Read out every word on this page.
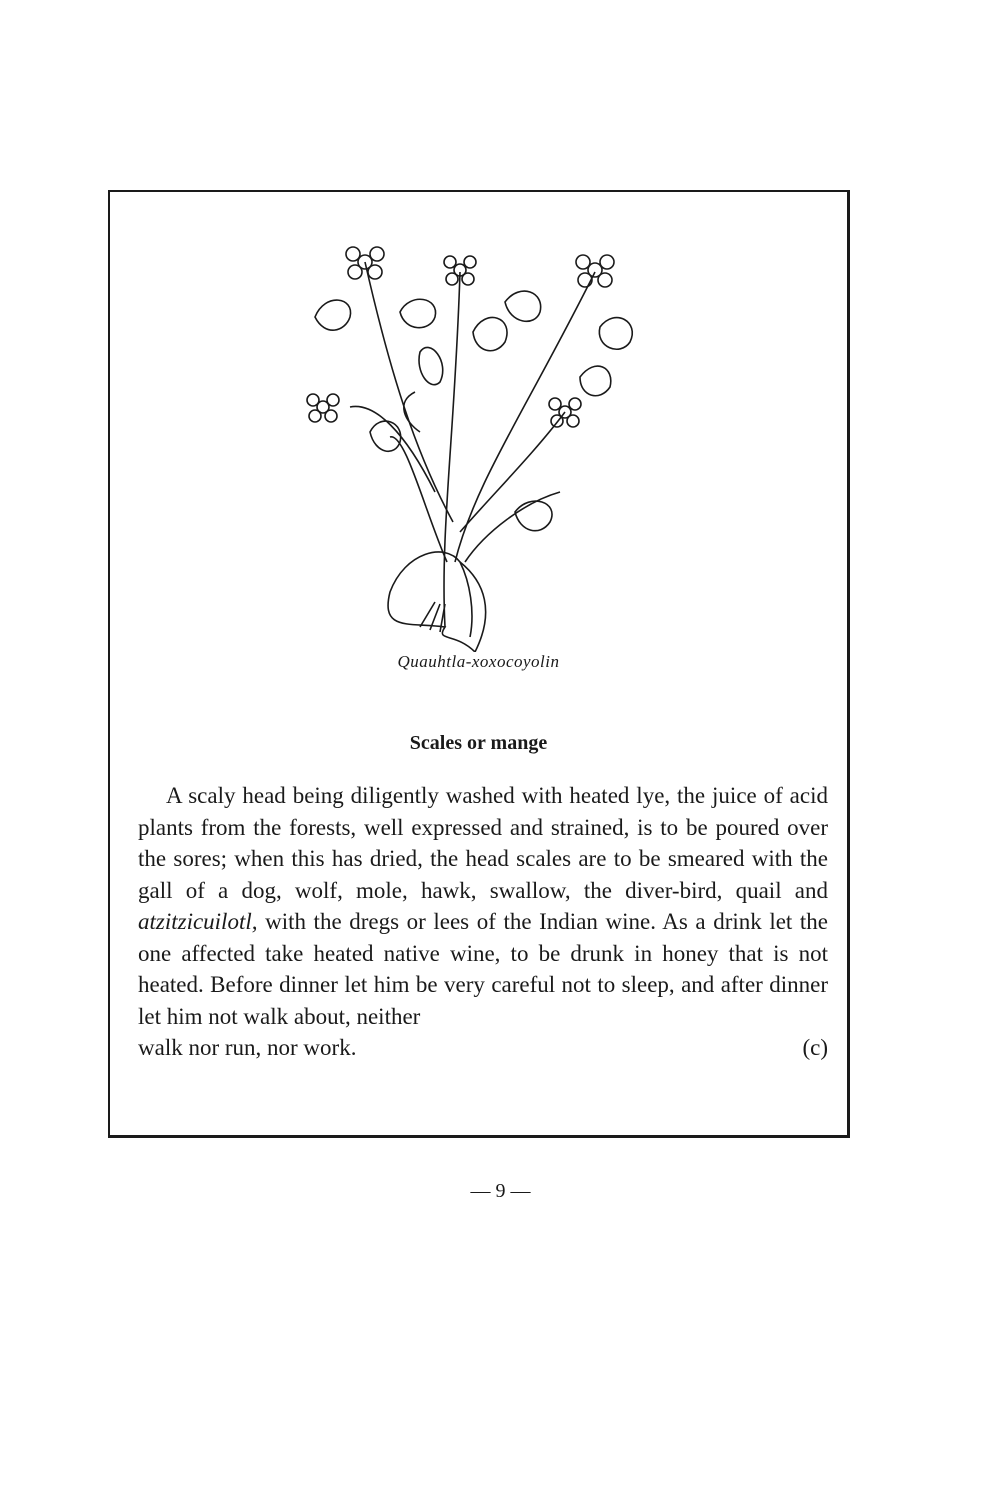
Quauhtla-xoxocoyolin
Scales or mange

A scaly head being diligently washed with heated lye, the juice of acid plants from the forests, well expressed and strained, is to be poured over the sores; when this has dried, the head scales are to be smeared with the gall of a dog, wolf, mole, hawk, swallow, the diver-bird, quail and atzitzicuilotl, with the dregs or lees of the Indian wine. As a drink let the one affected take heated native wine, to be drunk in honey that is not heated. Before dinner let him be very careful not to sleep, and after dinner let him not walk about, neither

walk nor run, nor work.	(c)
— 9 —
